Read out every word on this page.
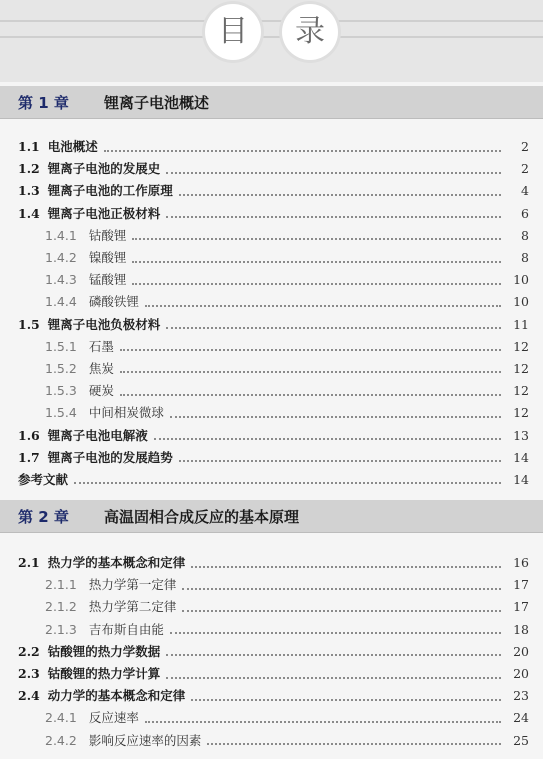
目 录
第 1 章 锂离子电池概述
1.1 电池概述	2
1.2 锂离子电池的发展史	2
1.3 锂离子电池的工作原理	4
1.4 锂离子电池正极材料	6
1.4.1 钴酸锂	8
1.4.2 镍酸锂	8
1.4.3 锰酸锂	10
1.4.4 磷酸铁锂	10
1.5 锂离子电池负极材料	11
1.5.1 石墨	12
1.5.2 焦炭	12
1.5.3 硬炭	12
1.5.4 中间相炭微球	12
1.6 锂离子电池电解液	13
1.7 锂离子电池的发展趋势	14
参考文献	14
第 2 章 高温固相合成反应的基本原理
2.1 热力学的基本概念和定律	16
2.1.1 热力学第一定律	17
2.1.2 热力学第二定律	17
2.1.3 吉布斯自由能	18
2.2 钴酸锂的热力学数据	20
2.3 钴酸锂的热力学计算	20
2.4 动力学的基本概念和定律	23
2.4.1 反应速率	24
2.4.2 影响反应速率的因素	25
